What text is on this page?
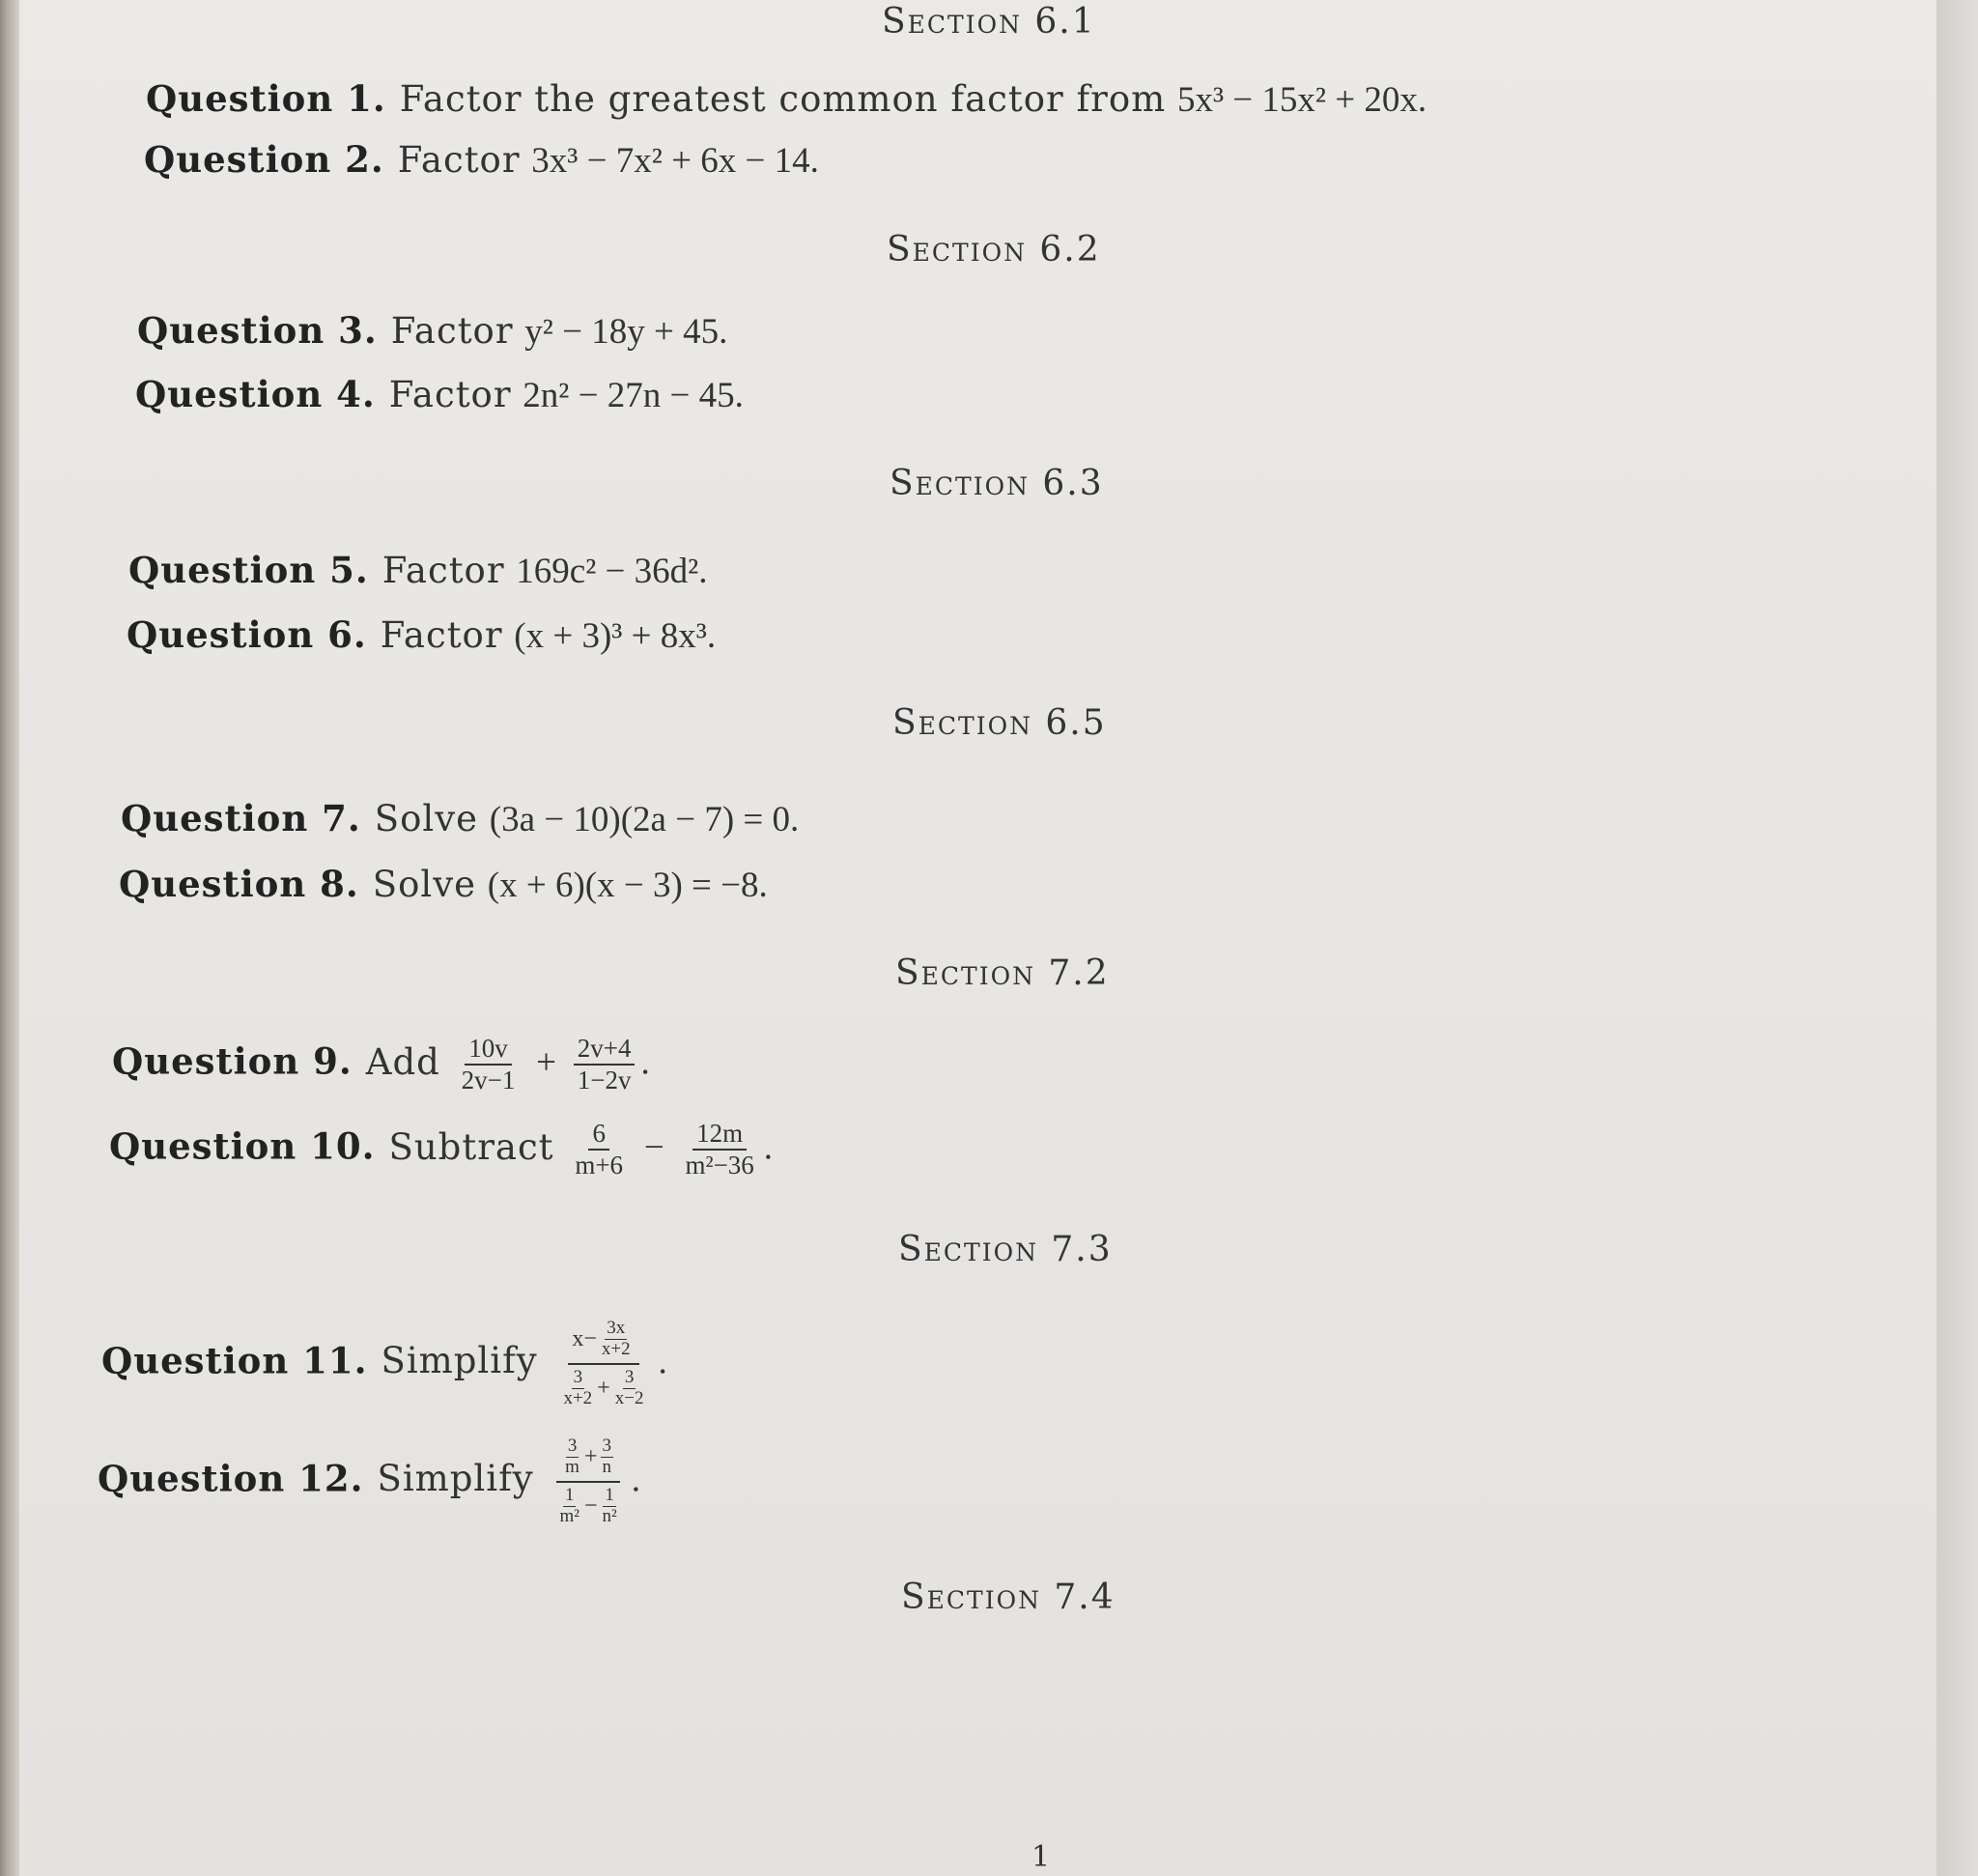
Section 6.1
Question 1. Factor the greatest common factor from 5x³ − 15x² + 20x.
Question 2. Factor 3x³ − 7x² + 6x − 14.
Section 6.2
Question 3. Factor y² − 18y + 45.
Question 4. Factor 2n² − 27n − 45.
Section 6.3
Question 5. Factor 169c² − 36d².
Question 6. Factor (x + 3)³ + 8x³.
Section 6.5
Question 7. Solve (3a − 10)(2a − 7) = 0.
Question 8. Solve (x + 6)(x − 3) = −8.
Section 7.2
Question 9. Add $\frac{10v}{2v-1} + \frac{2v+4}{1-2v}$ .
Question 10. Subtract $\frac{6}{m+6} - \frac{12m}{\text{m²−36}}$ .
Section 7.3
Question 11. Simplify $\frac{x - \frac{3x}{x+2}}{\frac{3}{x+2} + \frac{3}{x-2}}$ .
Question 12. Simplify $\frac{\frac{3}{m} + \frac{3}{n}}{\frac{1}{\text{m²}} - \frac{1}{\text{n²}}}$ .
Section 7.4
1
